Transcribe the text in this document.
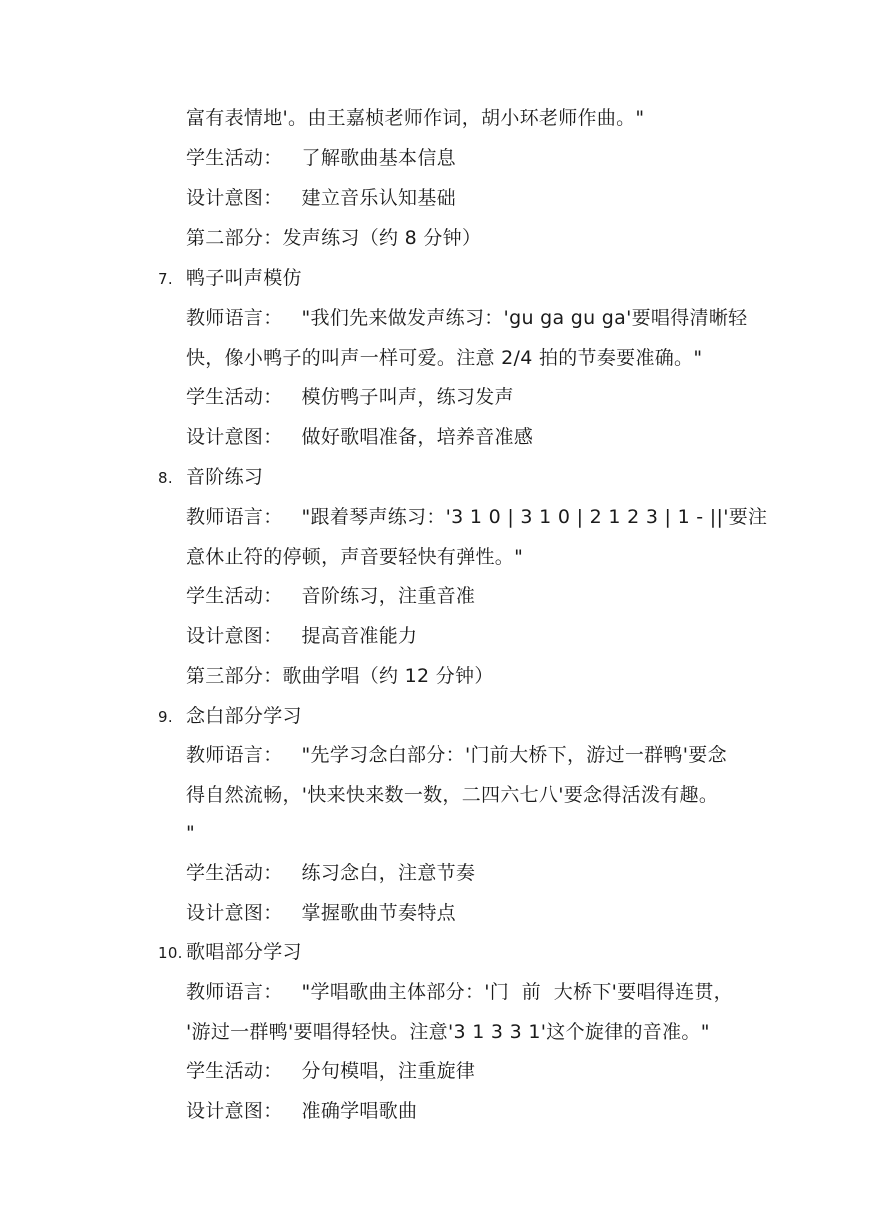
富有表情地'。由王嘉桢老师作词，胡小环老师作曲。"
学生活动：   了解歌曲基本信息
设计意图：   建立音乐认知基础
第二部分：发声练习（约 8 分钟）
7. 鸭子叫声模仿
教师语言：   "我们先来做发声练习：'gu ga gu ga'要唱得清晰轻
快，像小鸭子的叫声一样可爱。注意 2/4 拍的节奏要准确。"
学生活动：   模仿鸭子叫声，练习发声
设计意图：   做好歌唱准备，培养音准感
8. 音阶练习
教师语言：   "跟着琴声练习：'3 1 0 | 3 1 0 | 2 1 2 3 | 1 - ||'要注
意休止符的停顿，声音要轻快有弹性。"
学生活动：   音阶练习，注重音准
设计意图：   提高音准能力
第三部分：歌曲学唱（约 12 分钟）
9. 念白部分学习
教师语言：   "先学习念白部分：'门前大桥下，游过一群鸭'要念
得自然流畅，'快来快来数一数，二四六七八'要念得活泼有趣。
"
学生活动：   练习念白，注意节奏
设计意图：   掌握歌曲节奏特点
10. 歌唱部分学习
教师语言：   "学唱歌曲主体部分：'门  前  大桥下'要唱得连贯，
'游过一群鸭'要唱得轻快。注意'3 1 3 3 1'这个旋律的音准。"
学生活动：   分句模唱，注重旋律
设计意图：   准确学唱歌曲
